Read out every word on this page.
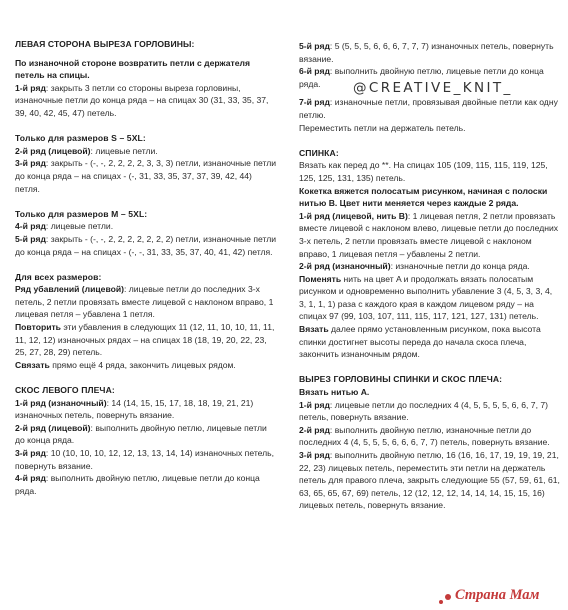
ЛЕВАЯ СТОРОНА ВЫРЕЗА ГОРЛОВИНЫ:

По изнаночной стороне возвратить петли с держателя петель на спицы.

1-й ряд: закрыть 3 петли со стороны выреза горловины, изнаночные петли до конца ряда – на спицах 30 (31, 33, 35, 37, 39, 40, 42, 45, 47) петель.

Только для размеров S – 5XL:

2-й ряд (лицевой): лицевые петли.

3-й ряд: закрыть - (-, -, 2, 2, 2, 2, 3, 3, 3) петли, изнаночные петли до конца ряда – на спицах - (-, 31, 33, 35, 37, 37, 39, 42, 44) петля.

Только для размеров M – 5XL:

4-й ряд: лицевые петли.

5-й ряд: закрыть - (-, -, 2, 2, 2, 2, 2, 2, 2) петли, изнаночные петли до конца ряда – на спицах - (-, -, 31, 33, 35, 37, 40, 41, 42) петля.

Для всех размеров:

Ряд убавлений (лицевой): лицевые петли до последних 3-х петель, 2 петли провязать вместе лицевой с наклоном вправо, 1 лицевая петля – убавлена 1 петля.

Повторить эти убавления в следующих 11 (12, 11, 10, 10, 11, 11, 11, 12, 12) изнаночных рядах – на спицах 18 (18, 19, 20, 22, 23, 25, 27, 28, 29) петель.

Связать прямо ещё 4 ряда, закончить лицевых рядом.

СКОС ЛЕВОГО ПЛЕЧА:

1-й ряд (изнаночный): 14 (14, 15, 15, 17, 18, 18, 19, 21, 21) изнаночных петель, повернуть вязание.

2-й ряд (лицевой): выполнить двойную петлю, лицевые петли до конца ряда.

3-й ряд: 10 (10, 10, 10, 12, 12, 13, 13, 14, 14) изнаночных петель, повернуть вязание.

4-й ряд: выполнить двойную петлю, лицевые петли до конца ряда.

5-й ряд: 5 (5, 5, 5, 6, 6, 6, 7, 7, 7) изнаночных петель, повернуть вязание.

6-й ряд: выполнить двойную петлю, лицевые петли до конца ряда.

7-й ряд: изнаночные петли, провязывая двойные петли как одну петлю.

Переместить петли на держатель петель.

СПИНКА:

Вязать как перед до **. На спицах 105 (109, 115, 115, 119, 125, 125, 125, 131, 135) петель.

Кокетка вяжется полосатым рисунком, начиная с полоски нитью B. Цвет нити меняется через каждые 2 ряда.

1-й ряд (лицевой, нить B): 1 лицевая петля, 2 петли провязать вместе лицевой с наклоном влево, лицевые петли до последних 3-х петель, 2 петли провязать вместе лицевой с наклоном вправо, 1 лицевая петля – убавлены 2 петли.

2-й ряд (изнаночный): изнаночные петли до конца ряда.

Поменять нить на цвет A и продолжать вязать полосатым рисунком и одновременно выполнить убавление 3 (4, 5, 3, 3, 4, 3, 1, 1, 1) раза с каждого края в каждом лицевом ряду – на спицах 97 (99, 103, 107, 111, 115, 117, 121, 127, 131) петель.

Вязать далее прямо установленным рисунком, пока высота спинки достигнет высоты переда до начала скоса плеча, закончить изнаночным рядом.

ВЫРЕЗ ГОРЛОВИНЫ СПИНКИ И СКОС ПЛЕЧА:

Вязать нитью A.

1-й ряд: лицевые петли до последних 4 (4, 5, 5, 5, 5, 6, 6, 7, 7) петель, повернуть вязание.

2-й ряд: выполнить двойную петлю, изнаночные петли до последних 4 (4, 5, 5, 5, 6, 6, 6, 7, 7) петель, повернуть вязание.

3-й ряд: выполнить двойную петлю, 16 (16, 16, 17, 19, 19, 19, 21, 22, 23) лицевых петель, переместить эти петли на держатель петель для правого плеча, закрыть следующие 55 (57, 59, 61, 61, 63, 65, 65, 67, 69) петель, 12 (12, 12, 12, 14, 14, 14, 15, 15, 16) лицевых петель, повернуть вязание.

@CREATIVE_KNIT_
Страна Мам
